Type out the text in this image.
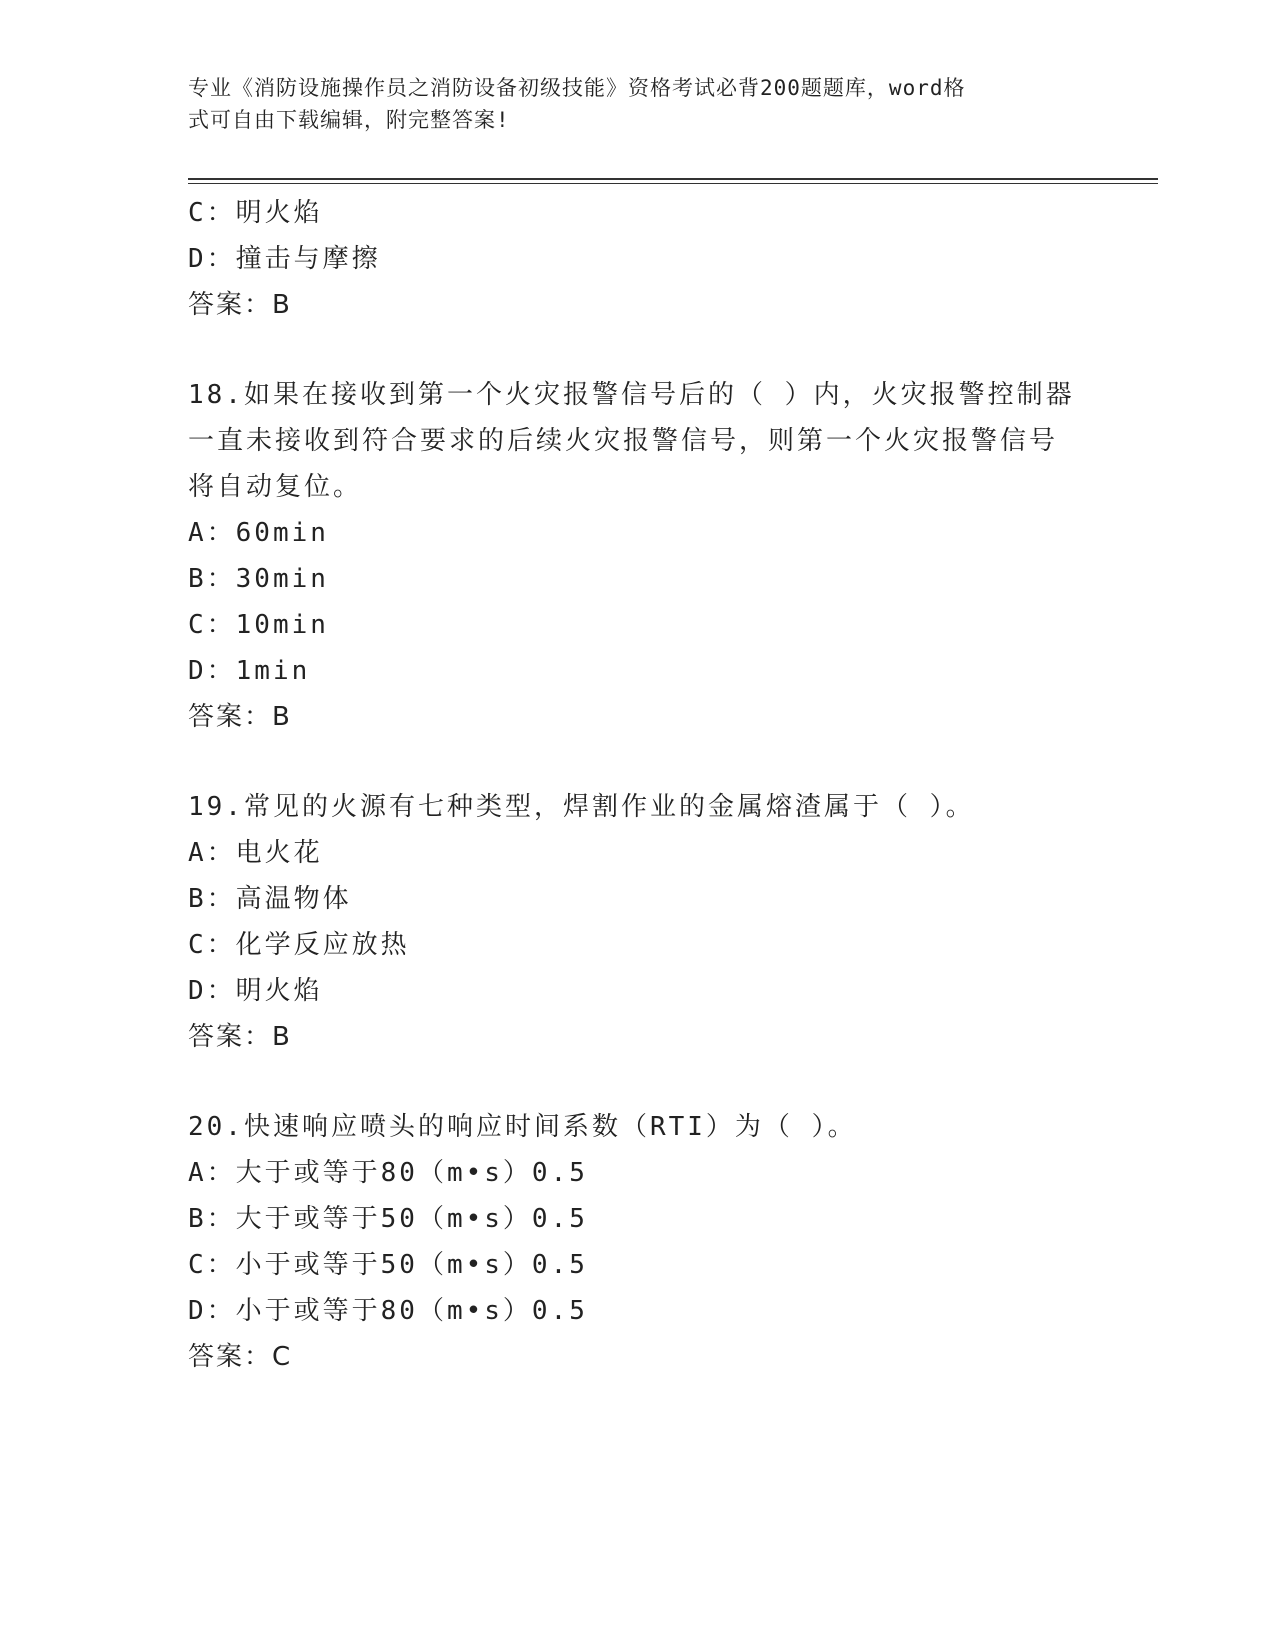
专业《消防设施操作员之消防设备初级技能》资格考试必背200题题库，word格
式可自由下载编辑，附完整答案!
C：明火焰
D：撞击与摩擦
答案：B
18.如果在接收到第一个火灾报警信号后的（ ）内，火灾报警控制器
一直未接收到符合要求的后续火灾报警信号，则第一个火灾报警信号
将自动复位。
A：60min
B：30min
C：10min
D：1min
答案：B
19.常见的火源有七种类型，焊割作业的金属熔渣属于（ ）。
A：电火花
B：高温物体
C：化学反应放热
D：明火焰
答案：B
20.快速响应喷头的响应时间系数（RTI）为（ ）。
A：大于或等于80（m•s）0.5
B：大于或等于50（m•s）0.5
C：小于或等于50（m•s）0.5
D：小于或等于80（m•s）0.5
答案：C
